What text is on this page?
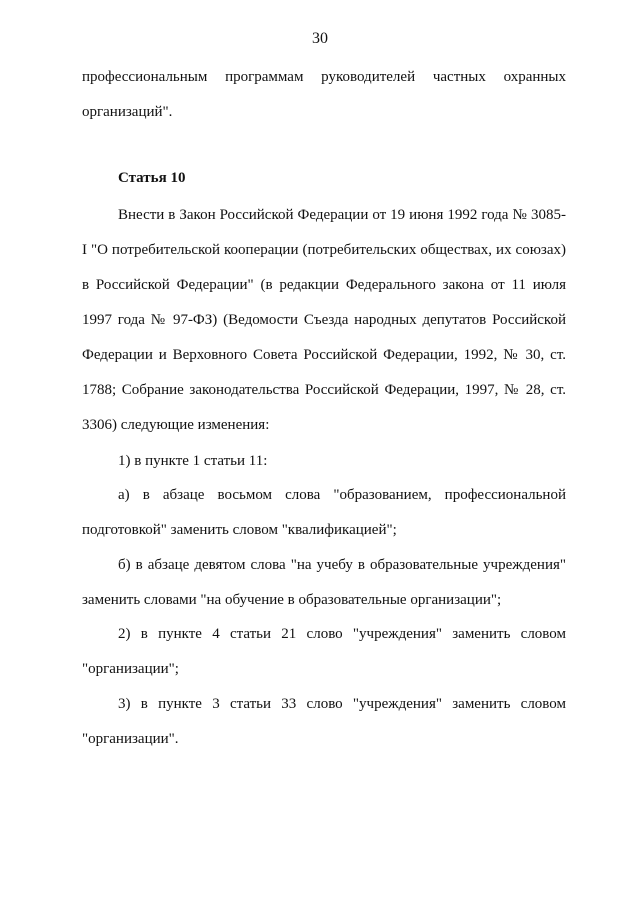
30
профессиональным программам руководителей частных охранных
организаций".
Статья 10
Внести в Закон Российской Федерации от 19 июня 1992 года № 3085-I "О потребительской кооперации (потребительских обществах, их союзах) в Российской Федерации" (в редакции Федерального закона от 11 июля 1997 года № 97-ФЗ) (Ведомости Съезда народных депутатов Российской Федерации и Верховного Совета Российской Федерации, 1992, № 30, ст. 1788; Собрание законодательства Российской Федерации, 1997, № 28, ст. 3306) следующие изменения:
1) в пункте 1 статьи 11:
а) в абзаце восьмом слова "образованием, профессиональной подготовкой" заменить словом "квалификацией";
б) в абзаце девятом слова "на учебу в образовательные учреждения" заменить словами "на обучение в образовательные организации";
2) в пункте 4 статьи 21 слово "учреждения" заменить словом "организации";
3) в пункте 3 статьи 33 слово "учреждения" заменить словом "организации".
